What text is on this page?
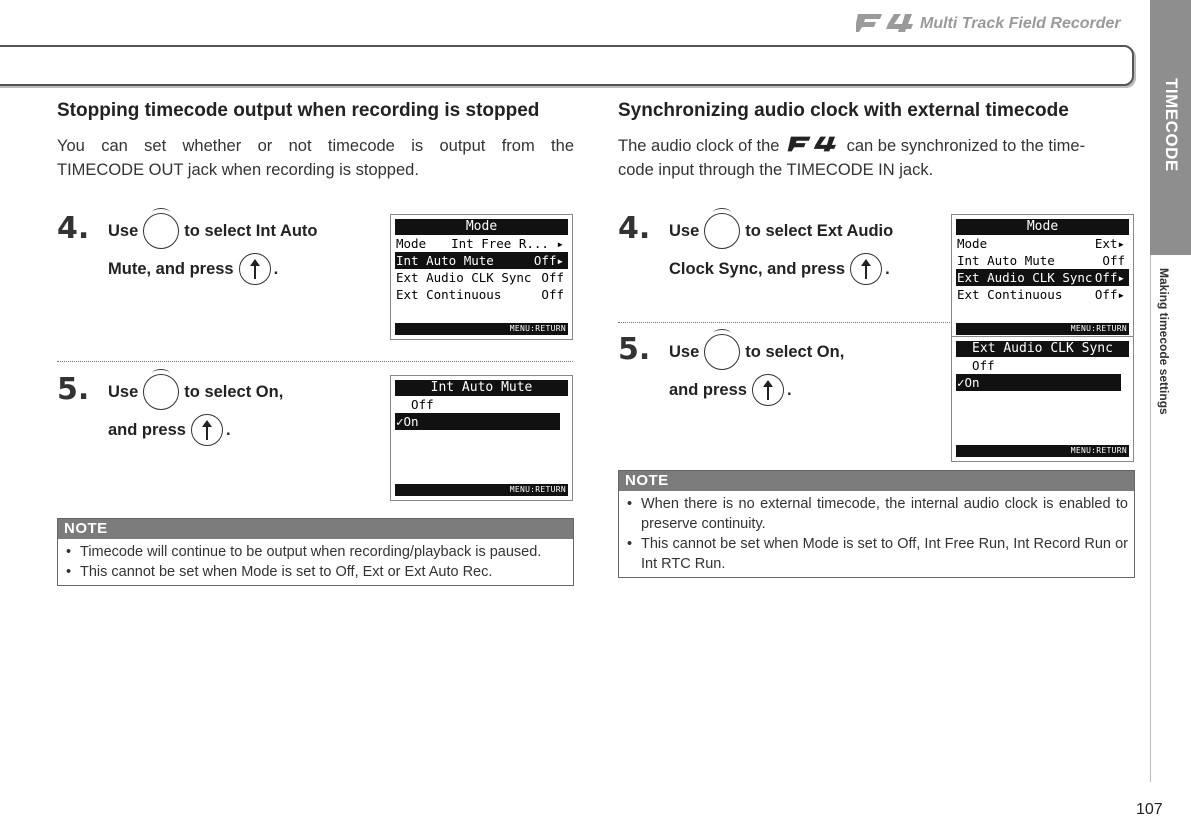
Multi Track Field Recorder
TIMECODE
Making timecode settings
Stopping timecode output when recording is stopped
You can set whether or not timecode is output from the
TIMECODE OUT jack when recording is stopped.
4. Use	to select Int Auto
Mute, and press .
Mode
Mode Int Free R... ▸
Int Auto Mute	Off▸
Ext Audio CLK Sync Off
Ext Continuous	Off
MENU:RETURN
5. Use	to select On,
and press .
Int Auto Mute
Off
✓On
MENU:RETURN
NOTE
• Timecode will continue to be output when recording/playback is paused.
• This cannot be set when Mode is set to Off, Ext or Ext Auto Rec.
Synchronizing audio clock with external timecode
The audio clock of the	can be synchronized to the time-
code input through the TIMECODE IN jack.
4. Use	to select Ext Audio
Clock Sync, and press .
Mode
Mode	Ext▸
Int Auto Mute	Off
Ext Audio CLK Sync Off▸
Ext Continuous	Off▸
MENU:RETURN
5. Use	to select On,
and press .
Ext Audio CLK Sync
Off
✓On
MENU:RETURN
NOTE
• When there is no external timecode, the internal audio clock is enabled to preserve continuity.
• This cannot be set when Mode is set to Off, Int Free Run, Int Record Run or Int RTC Run.
107
